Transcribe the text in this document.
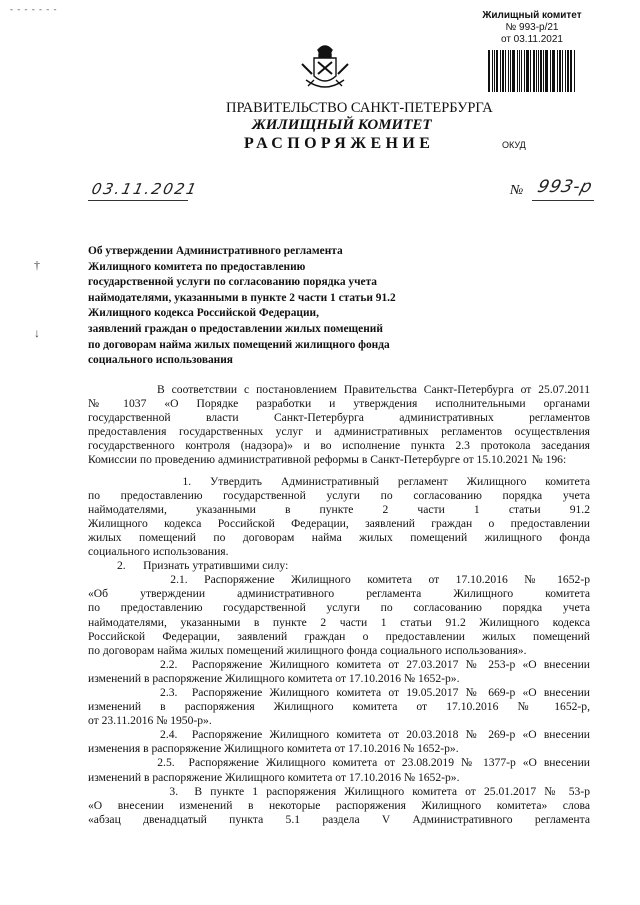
- - - - - - -
Жилищный комитет
№ 993-р/21
от 03.11.2021
ПРАВИТЕЛЬСТВО САНКТ-ПЕТЕРБУРГА
ЖИЛИЩНЫЙ КОМИТЕТ
РАСПОРЯЖЕНИЕ	ОКУД
03.11.2021	№ 993-р
†
↓
Об утверждении Административного регламента
Жилищного комитета по предоставлению
государственной услуги по согласованию порядка учета
наймодателями, указанными в пункте 2 части 1 статьи 91.2
Жилищного кодекса Российской Федерации,
заявлений граждан о предоставлении жилых помещений
по договорам найма жилых помещений жилищного фонда
социального использования
В соответствии с постановлением Правительства Санкт-Петербурга от 25.07.2011
№  1037  «О  Порядке  разработки  и  утверждения  исполнительными  органами
государственной  власти  Санкт-Петербурга  административных  регламентов
предоставления государственных услуг и административных регламентов осуществления
государственного контроля (надзора)» и во исполнение пункта 2.3 протокола заседания
Комиссии по проведению административной реформы в Санкт-Петербурге от 15.10.2021 № 196:
1.  Утвердить  Административный  регламент  Жилищного  комитета
по  предоставлению  государственной  услуги  по  согласованию  порядка  учета
наймодателями,  указанными  в  пункте  2  части  1  статьи  91.2
Жилищного кодекса Российской Федерации, заявлений граждан о предоставлении
жилых  помещений  по  договорам  найма  жилых  помещений  жилищного  фонда
социального использования.
2.      Признать утратившими силу:
2.1.  Распоряжение  Жилищного  комитета  от  17.10.2016  №  1652-р
«Об  утверждении  административного  регламента  Жилищного  комитета
по  предоставлению  государственной  услуги  по  согласованию  порядка  учета
наймодателями, указанными в пункте 2 части 1 статьи 91.2 Жилищного кодекса
Российской Федерации, заявлений граждан о предоставлении жилых помещений
по договорам найма жилых помещений жилищного фонда социального использования».
2.2.  Распоряжение Жилищного комитета от 27.03.2017 № 253-р «О внесении
изменений в распоряжение Жилищного комитета от 17.10.2016 № 1652-р».
2.3.  Распоряжение Жилищного комитета от 19.05.2017 № 669-р «О внесении
изменений  в  распоряжения  Жилищного  комитета  от  17.10.2016  №  1652-р,
от 23.11.2016 № 1950-р».
2.4.  Распоряжение Жилищного комитета от 20.03.2018 № 269-р «О внесении
изменения в распоряжение Жилищного комитета от 17.10.2016 № 1652-р».
2.5.  Распоряжение Жилищного комитета от 23.08.2019 № 1377-р «О внесении
изменений в распоряжение Жилищного комитета от 17.10.2016 № 1652-р».
3.  В пункте 1 распоряжения Жилищного комитета от 25.01.2017 № 53-р
«О внесении изменений в некоторые распоряжения Жилищного комитета» слова
«абзац  двенадцатый  пункта  5.1  раздела  V  Административного  регламента
